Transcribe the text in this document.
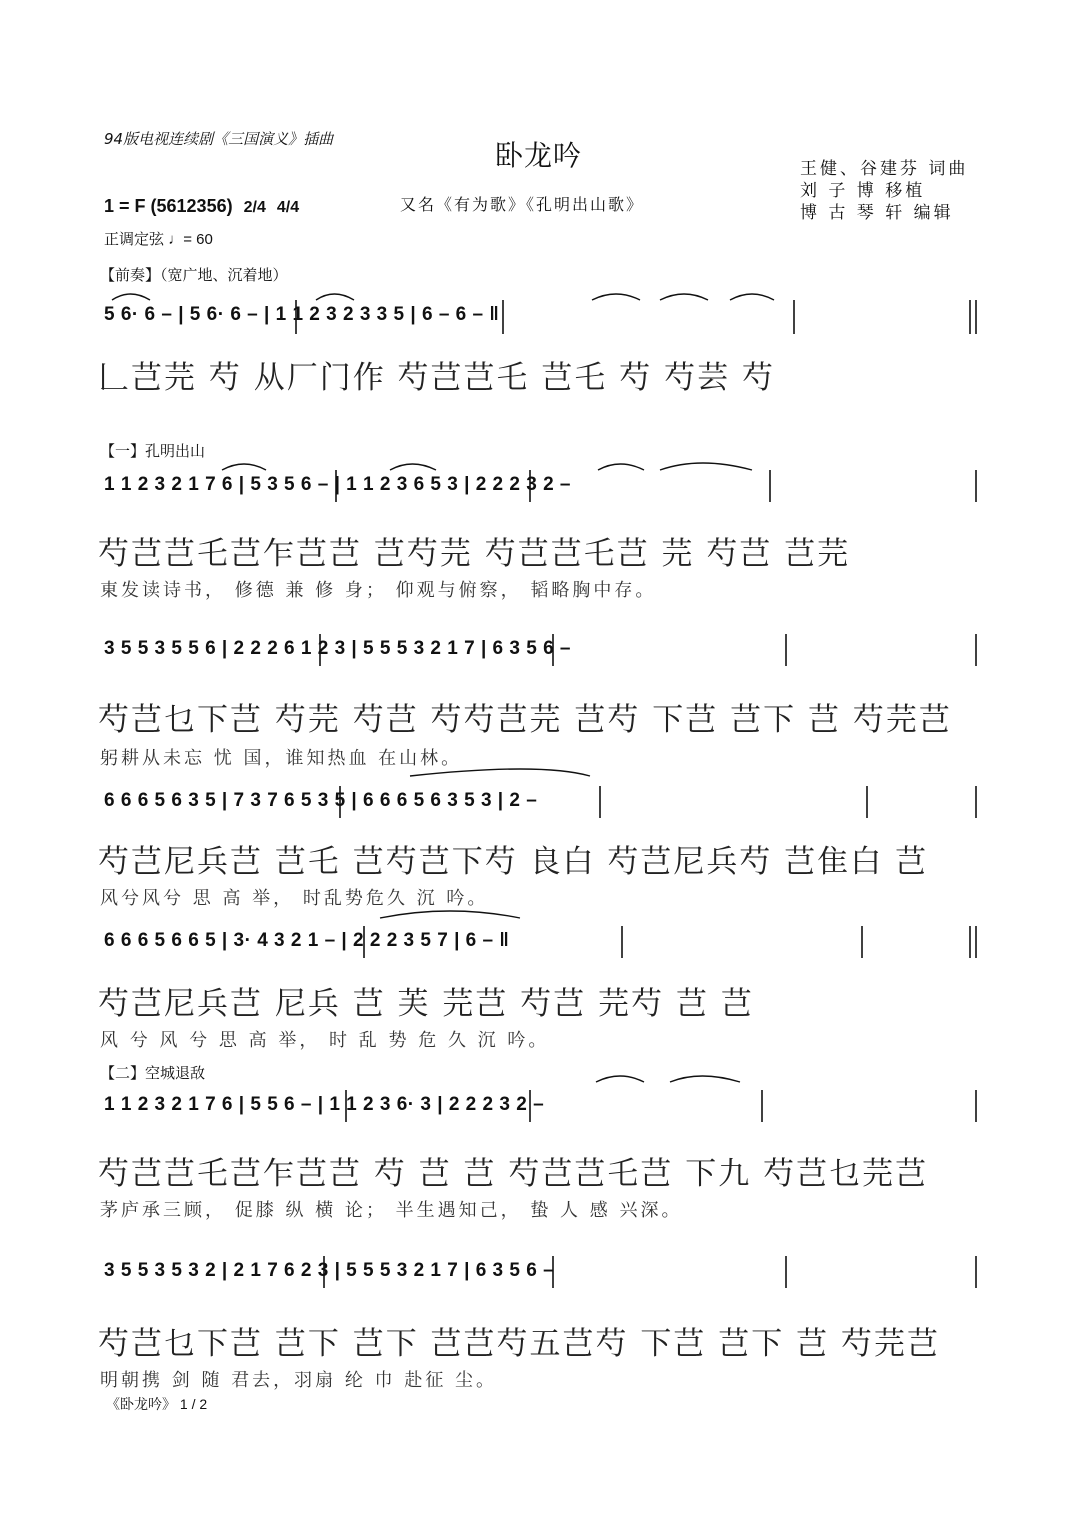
94版电视连续剧《三国演义》插曲	卧龙吟	王健、谷建芬 词曲
刘 子 博 移植
博 古 琴 轩 编辑
又名《有为歌》《孔明出山歌》
1 = F (5612356) 2/4 4/4
正调定弦 ♩= 60
【前奏】（宽广地、沉着地）
5 6· 6 – | 5 6· 6 – | 1 1 2 3 2 3 3 5 | 6 – 6 – ‖
𠃊芑芫 芍 从厂门作 芍芑芑乇 芑乇 芍 芍芸 芍
【一】孔明出山
1 1 2 3 2 1 7 6 | 5 3 5 6 – | 1 1 2 3 6 5 3 | 2 2 2 3 2 –
芍芑芑乇芑乍芑芑 芑芍芫 芍芑芑乇芑 芫 芍芑 芑芫
東发读诗书， 修德 兼 修 身； 仰观与俯察， 韬略胸中存。
3 5 5 3 5 5 6 | 2 2 2 6 1 2 3 | 5 5 5 3 2 1 7 | 6 3 5 6 –
芍芑乜下芑 芍芫 芍芑 芍芍芑芫 芑芍 下芑 芑下 芑 芍芫芑
躬耕从未忘 忧 国，谁知热血 在山林。
6 6 6 5 6 3 5 | 7 3 7 6 5 3 5 | 6 6 6 5 6 3 5 3 | 2 –
芍芑尼兵芑 芑乇 芑芍芑下芍 良白 芍芑尼兵芍 芑隹白 芑
风兮风兮 思 高 举， 时乱势危久 沉 吟。
6 6 6 5 6 6 5 | 3· 4 3 2 1 – | 2 2 2 3 5 7 | 6 – ‖
芍芑尼兵芑 尼兵 芑 芙 芫芑 芍芑 芫芍 芑 芑
风 兮 风 兮 思 高 举， 时 乱 势 危 久 沉 吟。
【二】空城退敌
1 1 2 3 2 1 7 6 | 5 5 6 – | 1 1 2 3 6· 3 | 2 2 2 3 2 –
芍芑芑乇芑乍芑芑 芍 芑 芑 芍芑芑乇芑 下九 芍芑乜芫芑
茅庐承三顾， 促膝 纵 横 论； 半生遇知己， 蛰 人 感 兴深。
3 5 5 3 5 3 2 | 2 1 7 6 2 3 | 5 5 5 3 2 1 7 | 6 3 5 6 –
芍芑乜下芑 芑下 芑下 芑芑芍五芑芍 下芑 芑下 芑 芍芫芑
明朝携 剑 随 君去，羽扇 纶 巾 赴征 尘。
《卧龙吟》 1 / 2
